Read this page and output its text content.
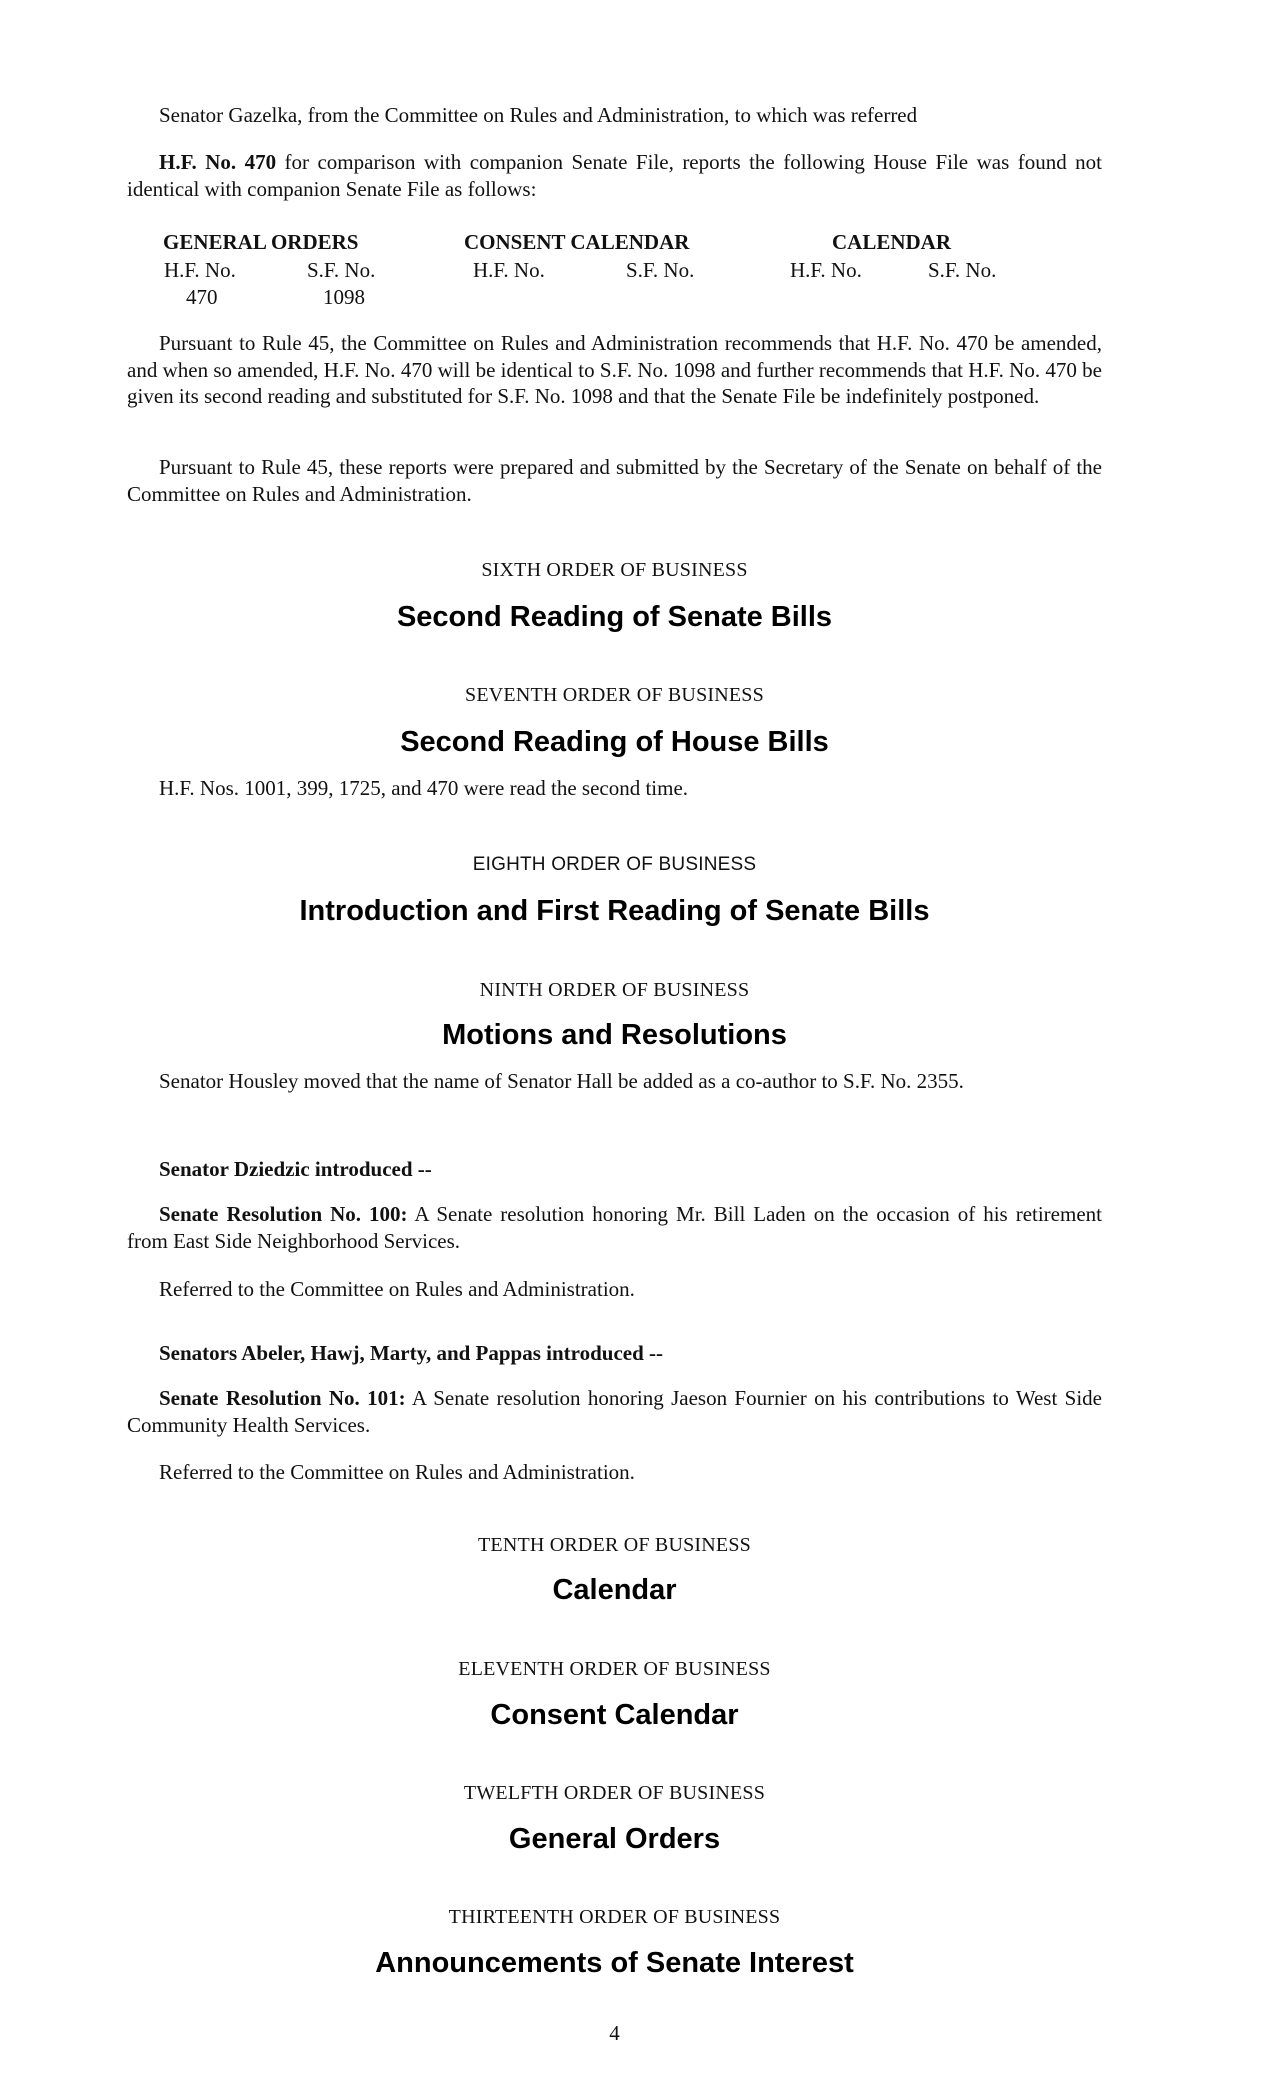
Senator Gazelka, from the Committee on Rules and Administration, to which was referred
H.F. No. 470 for comparison with companion Senate File, reports the following House File was found not identical with companion Senate File as follows:
GENERAL ORDERS
H.F. No.	S.F. No.
470	1098
CONSENT CALENDAR
H.F. No.	S.F. No.
CALENDAR
H.F. No.	S.F. No.
Pursuant to Rule 45, the Committee on Rules and Administration recommends that H.F. No. 470 be amended, and when so amended, H.F. No. 470 will be identical to S.F. No. 1098 and further recommends that H.F. No. 470 be given its second reading and substituted for S.F. No. 1098 and that the Senate File be indefinitely postponed.
Pursuant to Rule 45, these reports were prepared and submitted by the Secretary of the Senate on behalf of the Committee on Rules and Administration.
SIXTH ORDER OF BUSINESS
Second Reading of Senate Bills
SEVENTH ORDER OF BUSINESS
Second Reading of House Bills
H.F. Nos. 1001, 399, 1725, and 470 were read the second time.
EIGHTH ORDER OF BUSINESS
Introduction and First Reading of Senate Bills
NINTH ORDER OF BUSINESS
Motions and Resolutions
Senator Housley moved that the name of Senator Hall be added as a co-author to S.F. No. 2355.
Senator Dziedzic introduced --
Senate Resolution No. 100: A Senate resolution honoring Mr. Bill Laden on the occasion of his retirement from East Side Neighborhood Services.
Referred to the Committee on Rules and Administration.
Senators Abeler, Hawj, Marty, and Pappas introduced --
Senate Resolution No. 101: A Senate resolution honoring Jaeson Fournier on his contributions to West Side Community Health Services.
Referred to the Committee on Rules and Administration.
TENTH ORDER OF BUSINESS
Calendar
ELEVENTH ORDER OF BUSINESS
Consent Calendar
TWELFTH ORDER OF BUSINESS
General Orders
THIRTEENTH ORDER OF BUSINESS
Announcements of Senate Interest
4
